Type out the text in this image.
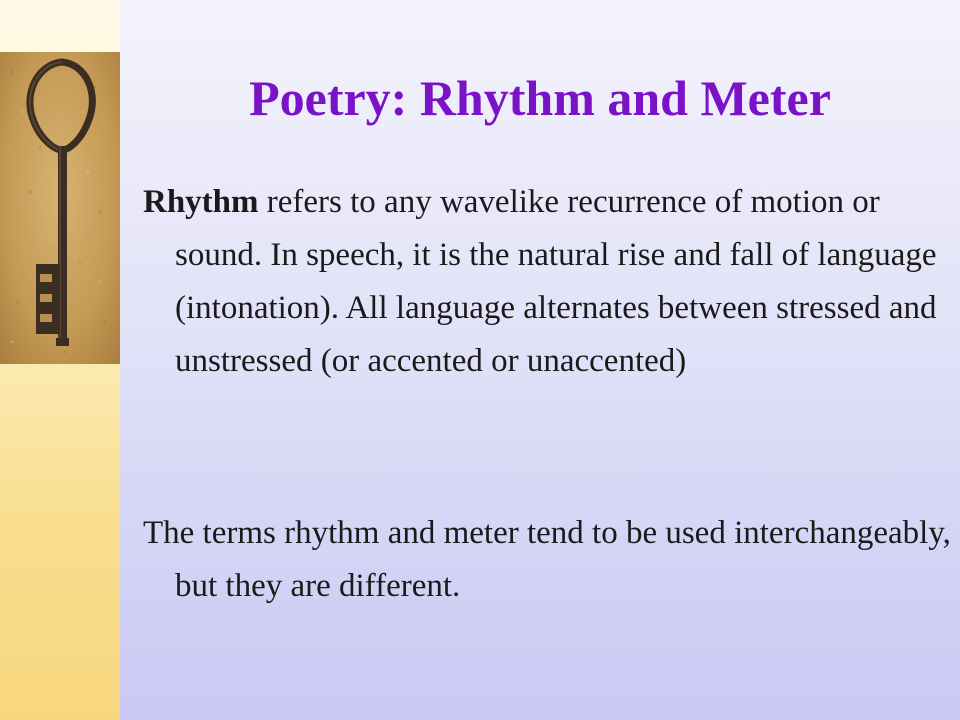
Poetry: Rhythm and Meter

Rhythm refers to any wavelike recurrence of motion or sound. In speech, it is the natural rise and fall of language (intonation). All language alternates between stressed and unstressed (or accented or unaccented)

The terms rhythm and meter tend to be used interchangeably, but they are different.
